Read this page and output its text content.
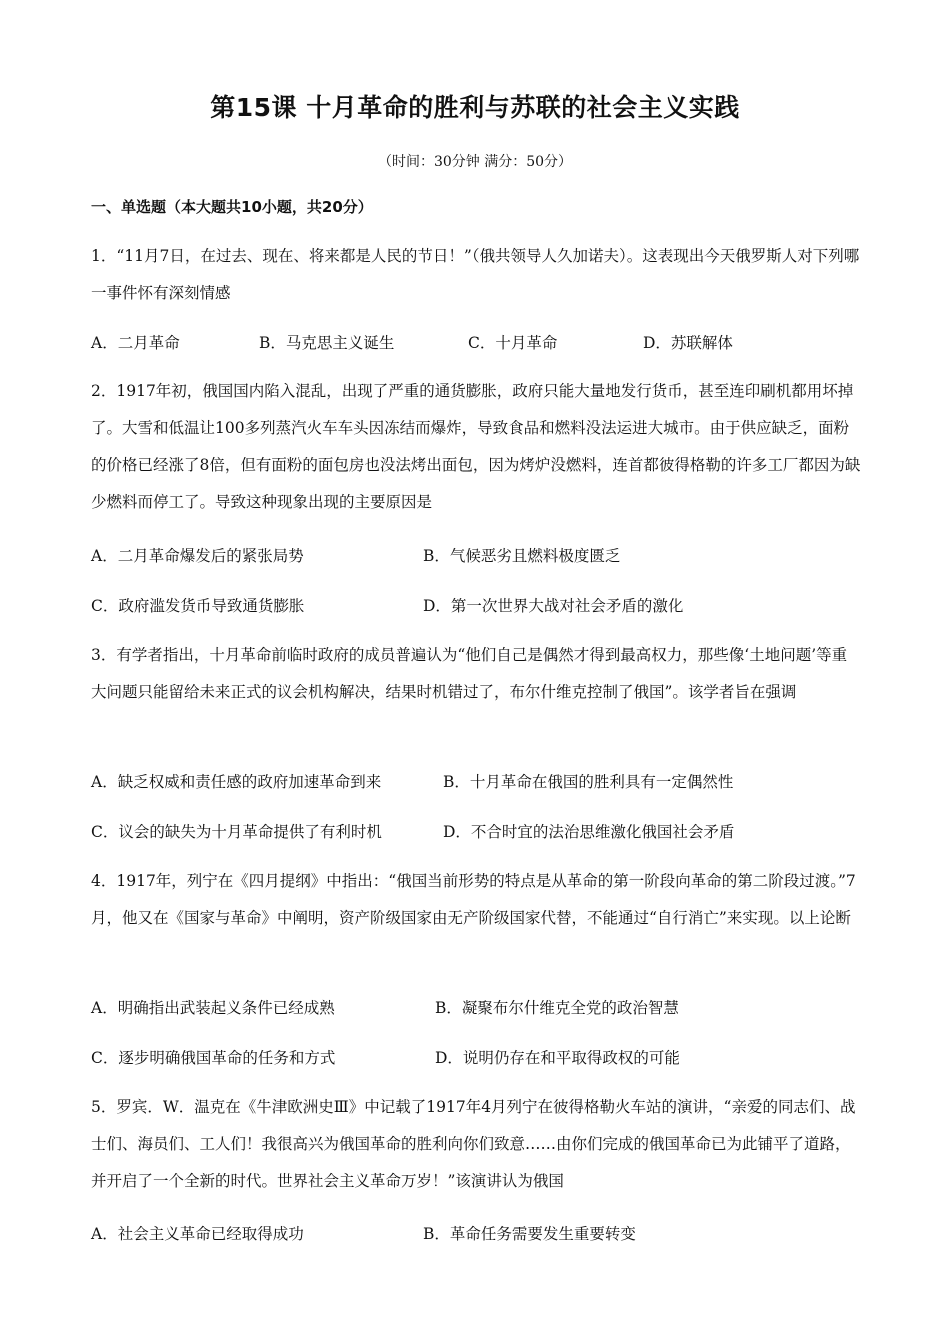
第15课 十月革命的胜利与苏联的社会主义实践
（时间：30分钟 满分：50分）
一、单选题（本大题共10小题，共20分）

1．“11月7日，在过去、现在、将来都是人民的节日！”（俄共领导人久加诺夫）。这表现出今天俄罗斯人对下列哪一事件怀有深刻情感

A．二月革命	B．马克思主义诞生	C．十月革命	D．苏联解体

2．1917年初，俄国国内陷入混乱，出现了严重的通货膨胀，政府只能大量地发行货币，甚至连印刷机都用坏掉了。大雪和低温让100多列蒸汽火车车头因冻结而爆炸，导致食品和燃料没法运进大城市。由于供应缺乏，面粉的价格已经涨了8倍，但有面粉的面包房也没法烤出面包，因为烤炉没燃料，连首都彼得格勒的许多工厂都因为缺少燃料而停工了。导致这种现象出现的主要原因是

A．二月革命爆发后的紧张局势	B．气候恶劣且燃料极度匮乏
C．政府滥发货币导致通货膨胀	D．第一次世界大战对社会矛盾的激化

3．有学者指出，十月革命前临时政府的成员普遍认为“他们自己是偶然才得到最高权力，那些像‘土地问题’等重大问题只能留给未来正式的议会机构解决，结果时机错过了，布尔什维克控制了俄国”。该学者旨在强调

A．缺乏权威和责任感的政府加速革命到来	B．十月革命在俄国的胜利具有一定偶然性
C．议会的缺失为十月革命提供了有利时机	D．不合时宜的法治思维激化俄国社会矛盾

4．1917年，列宁在《四月提纲》中指出：“俄国当前形势的特点是从革命的第一阶段向革命的第二阶段过渡。”7月，他又在《国家与革命》中阐明，资产阶级国家由无产阶级国家代替，不能通过“自行消亡”来实现。以上论断

A．明确指出武装起义条件已经成熟	B．凝聚布尔什维克全党的政治智慧
C．逐步明确俄国革命的任务和方式	D．说明仍存在和平取得政权的可能

5．罗宾．W．温克在《牛津欧洲史Ⅲ》中记载了1917年4月列宁在彼得格勒火车站的演讲，“亲爱的同志们、战士们、海员们、工人们！我很高兴为俄国革命的胜利向你们致意……由你们完成的俄国革命已为此铺平了道路，并开启了一个全新的时代。世界社会主义革命万岁！”该演讲认为俄国

A．社会主义革命已经取得成功	B．革命任务需要发生重要转变
